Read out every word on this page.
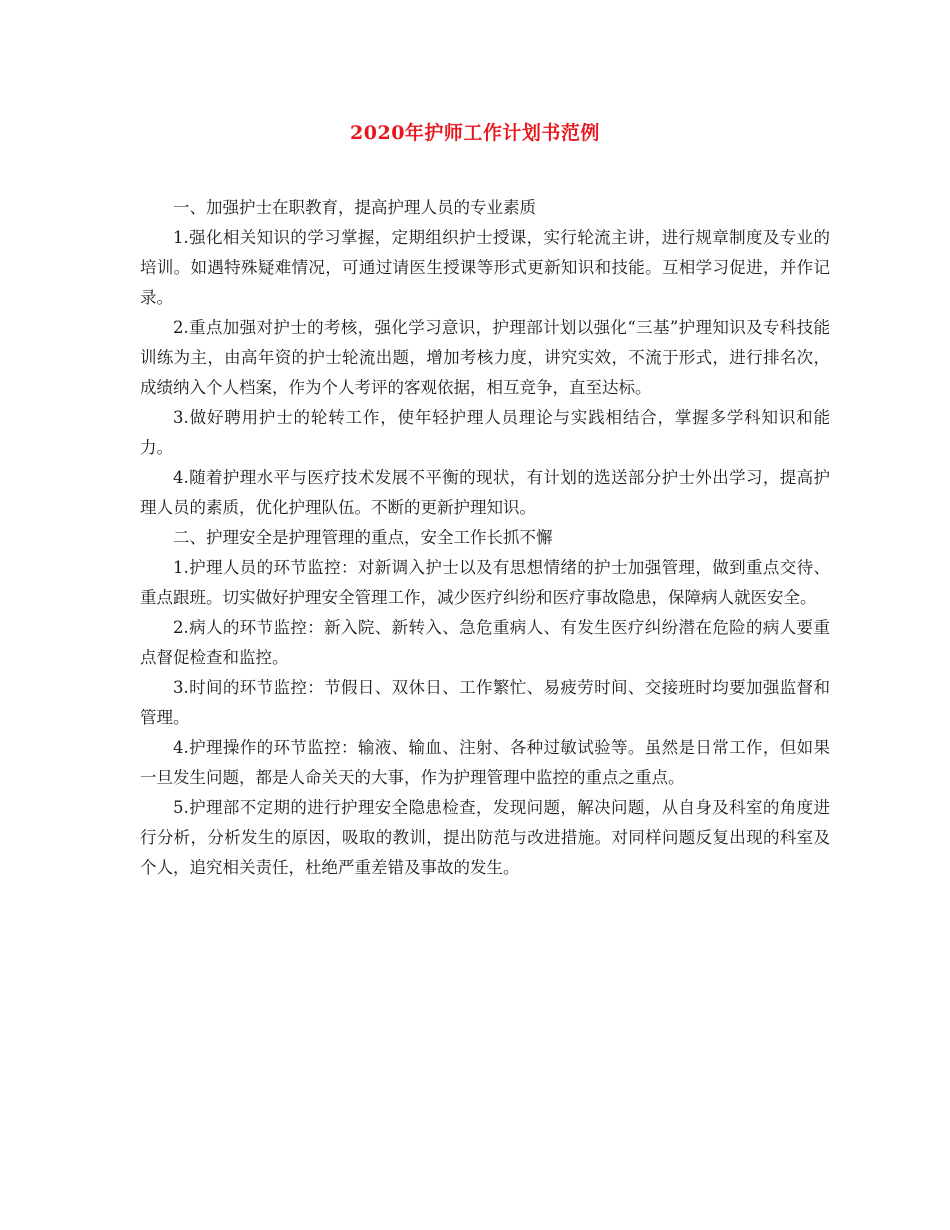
2020年护师工作计划书范例

一、加强护士在职教育，提高护理人员的专业素质

1.强化相关知识的学习掌握，定期组织护士授课，实行轮流主讲，进行规章制度及专业的培训。如遇特殊疑难情况，可通过请医生授课等形式更新知识和技能。互相学习促进，并作记录。

2.重点加强对护士的考核，强化学习意识，护理部计划以强化“三基”护理知识及专科技能训练为主，由高年资的护士轮流出题，增加考核力度，讲究实效，不流于形式，进行排名次，成绩纳入个人档案，作为个人考评的客观依据，相互竞争，直至达标。

3.做好聘用护士的轮转工作，使年轻护理人员理论与实践相结合，掌握多学科知识和能力。

4.随着护理水平与医疗技术发展不平衡的现状，有计划的选送部分护士外出学习，提高护理人员的素质，优化护理队伍。不断的更新护理知识。

二、护理安全是护理管理的重点，安全工作长抓不懈

1.护理人员的环节监控：对新调入护士以及有思想情绪的护士加强管理，做到重点交待、重点跟班。切实做好护理安全管理工作，减少医疗纠纷和医疗事故隐患，保障病人就医安全。

2.病人的环节监控：新入院、新转入、急危重病人、有发生医疗纠纷潜在危险的病人要重点督促检查和监控。

3.时间的环节监控：节假日、双休日、工作繁忙、易疲劳时间、交接班时均要加强监督和管理。

4.护理操作的环节监控：输液、输血、注射、各种过敏试验等。虽然是日常工作，但如果一旦发生问题，都是人命关天的大事，作为护理管理中监控的重点之重点。

5.护理部不定期的进行护理安全隐患检查，发现问题，解决问题，从自身及科室的角度进行分析，分析发生的原因，吸取的教训，提出防范与改进措施。对同样问题反复出现的科室及个人，追究相关责任，杜绝严重差错及事故的发生。
